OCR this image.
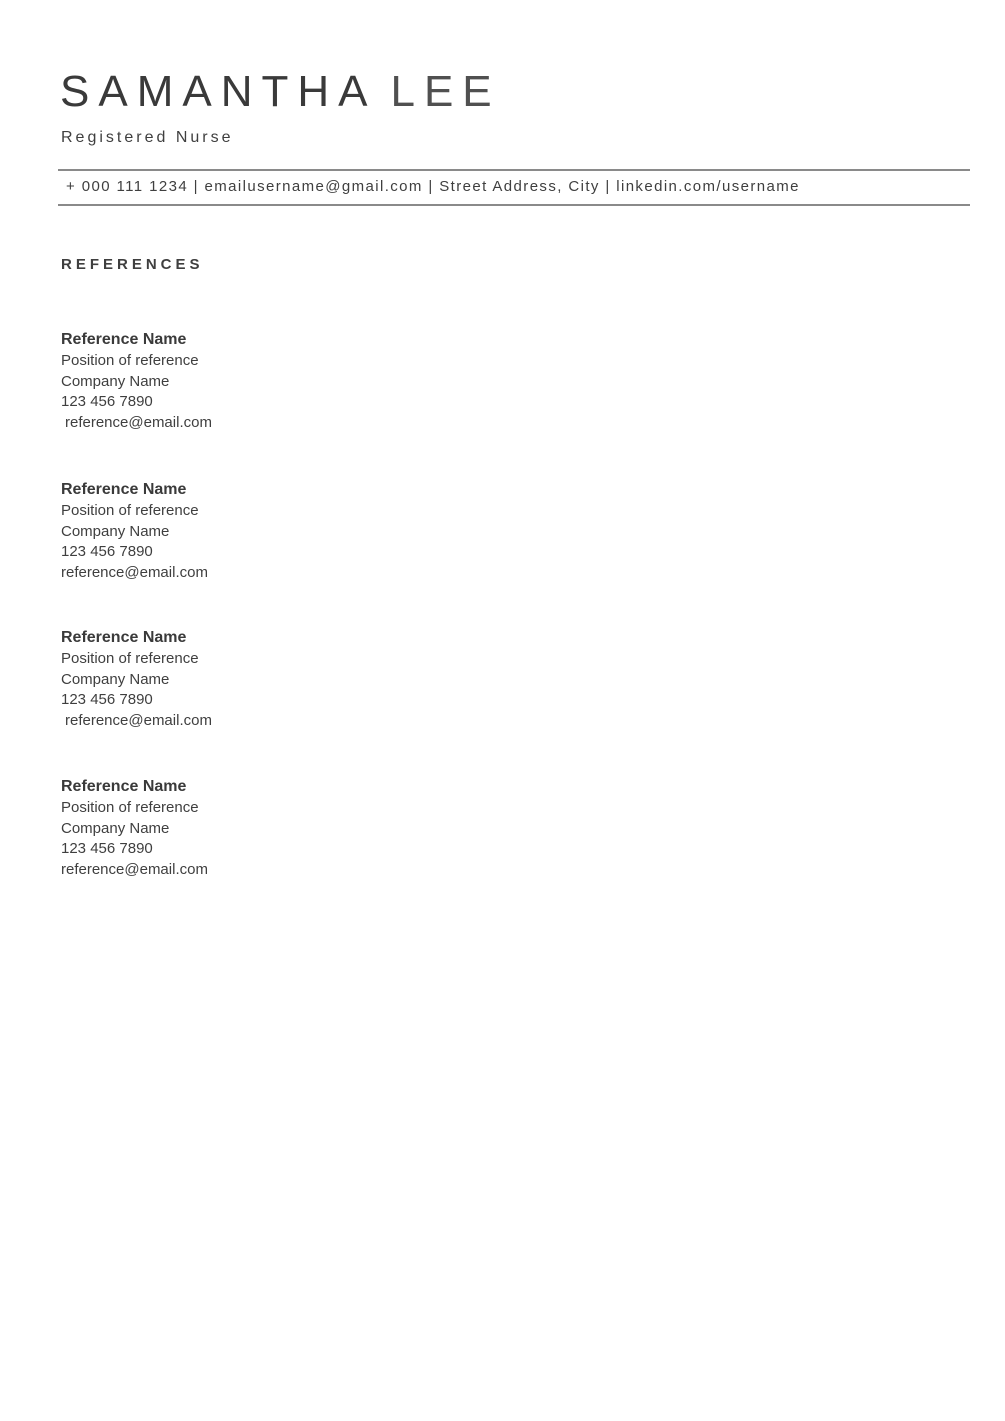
SAMANTHA LEE
Registered Nurse
+ 000 111 1234 | emailusername@gmail.com | Street Address, City | linkedin.com/username
REFERENCES
Reference Name
Position of reference
Company Name
123 456 7890
reference@email.com
Reference Name
Position of reference
Company Name
123 456 7890
reference@email.com
Reference Name
Position of reference
Company Name
123 456 7890
reference@email.com
Reference Name
Position of reference
Company Name
123 456 7890
reference@email.com
